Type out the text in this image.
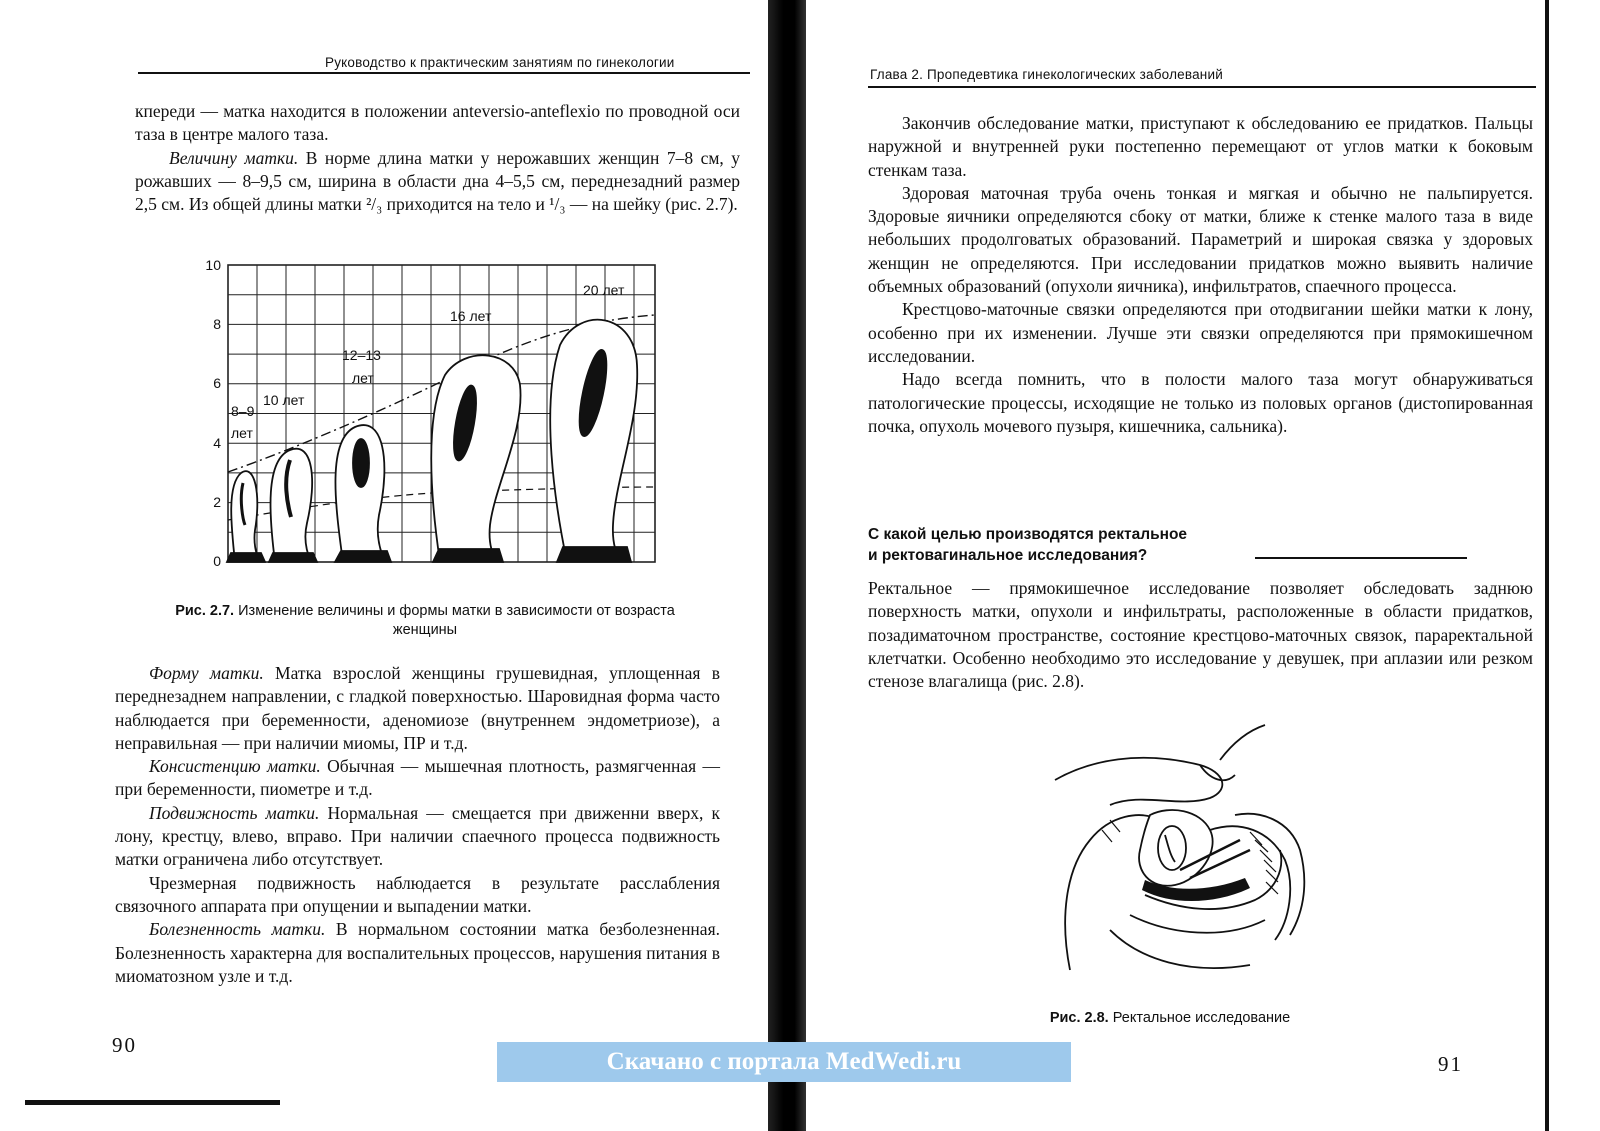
Руководство к практическим занятиям по гинекологии

кпереди — матка находится в положении anteversio-anteflexio по проводной оси таза в центре малого таза.

Величину матки. В норме длина матки у нерожавших женщин 7–8 см, у рожавших — 8–9,5 см, ширина в области дна 4–5,5 см, переднезадний размер 2,5 см. Из общей длины матки ²/₃ приходится на тело и ¹/₃ — на шейку (рис. 2.7).

10
8
6
4
2
0
8–9
лет
10 лет
12–13
лет
16 лет
20 лет
Рис. 2.7. Изменение величины и формы матки в зависимости от возраста женщины

Форму матки. Матка взрослой женщины грушевидная, уплощенная в переднезаднем направлении, с гладкой поверхностью. Шаровидная форма часто наблюдается при беременности, аденомиозе (внутреннем эндометриозе), а неправильная — при наличии миомы, ПР и т.д.

Консистенцию матки. Обычная — мышечная плотность, размягченная — при беременности, пиометре и т.д.

Подвижность матки. Нормальная — смещается при движенни вверх, к лону, крестцу, влево, вправо. При наличии спаечного процесса подвижность матки ограничена либо отсутствует.

Чрезмерная подвижность наблюдается в результате расслабления связочного аппарата при опущении и выпадении матки.

Болезненность матки. В нормальном состоянии матка безболезненная. Болезненность характерна для воспалительных процессов, нарушения питания в миоматозном узле и т.д.

90
Глава 2. Пропедевтика гинекологических заболеваний

Закончив обследование матки, приступают к обследованию ее придатков. Пальцы наружной и внутренней руки постепенно перемещают от углов матки к боковым стенкам таза.

Здоровая маточная труба очень тонкая и мягкая и обычно не пальпируется. Здоровые яичники определяются сбоку от матки, ближе к стенке малого таза в виде небольших продолговатых образований. Параметрий и широкая связка у здоровых женщин не определяются. При исследовании придатков можно выявить наличие объемных образований (опухоли яичника), инфильтратов, спаечного процесса.

Крестцово-маточные связки определяются при отодвигании шейки матки к лону, особенно при их изменении. Лучше эти связки определяются при прямокишечном исследовании.

Надо всегда помнить, что в полости малого таза могут обнаруживаться патологические процессы, исходящие не только из половых органов (дистопированная почка, опухоль мочевого пузыря, кишечника, сальника).

С какой целью производятся ректальное
и ректовагинальное исследования?

Ректальное — прямокишечное исследование позволяет обследовать заднюю поверхность матки, опухоли и инфильтраты, расположенные в области придатков, позадиматочном пространстве, состояние крестцово-маточных связок, параректальной клетчатки. Особенно необходимо это исследование у девушек, при аплазии или резком стенозе влагалища (рис. 2.8).

Рис. 2.8. Ректальное исследование
91
Скачано с портала MedWedi.ru
